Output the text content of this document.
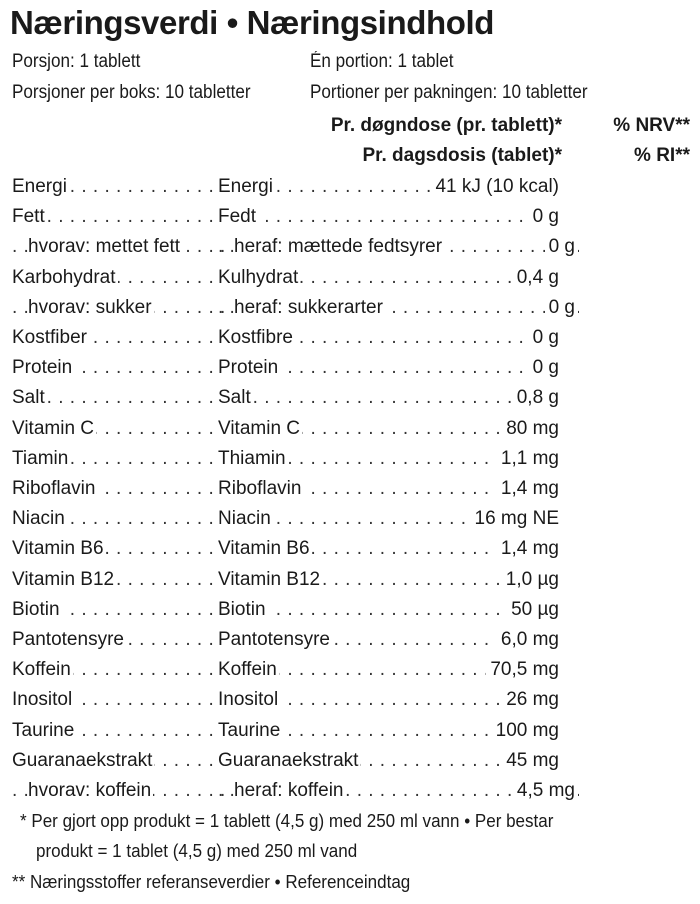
Næringsverdi • Næringsindhold
Porsjon: 1 tablett	Én portion: 1 tablet
Porsjoner per boks: 10 tabletter	Portioner per pakningen: 10 tabletter
Pr. døgndose (pr. tablett)*	% NRV**
Pr. dagsdosis (tablet)*	% RI**
Energi . . .	Energi	41 kJ (10 kcal)
. . .
Fett . . .	Fedt	0 g
. . .
hvorav: mettet fett . . .	heraf: mættede fedtsyrer	0 g
. . .
Karbohydrat . . .	Kulhydrat	0,4 g
. . .
hvorav: sukker . . .	heraf: sukkerarter	0 g
. . .
Kostfiber . . .	Kostfibre	0 g
. . .
Protein . . .	Protein	0 g
. . .
Salt . . .	Salt	0,8 g
. . .
Vitamin C . . .	Vitamin C	80 mg
. . .
Tiamin . . .	Thiamin	1,1 mg
. . .
Riboflavin . . .	Riboflavin	1,4 mg
. . .
Niacin . . .	Niacin	16 mg NE
. . .
Vitamin B6 . . .	Vitamin B6	1,4 mg
. . .
Vitamin B12 . . .	Vitamin B12	1,0 µg
. . .
Biotin . . .	Biotin	50 µg
. . .
Pantotensyre . . .	Pantotensyre	6,0 mg
. . .
Koffein . . .	Koffein	70,5 mg
. . .
Inositol . . .	Inositol	26 mg
. . .
Taurine . . .	Taurine	100 mg
. . .
Guaranaekstrakt . . .	Guaranaekstrakt	45 mg
. . .
hvorav: koffein . . .	heraf: koffein	4,5 mg
. . .
* Per gjort opp produkt = 1 tablett (4,5 g) med 250 ml vann • Per bestar
produkt = 1 tablet (4,5 g) med 250 ml vand
** Næringsstoffer referanseverdier • Referenceindtag
